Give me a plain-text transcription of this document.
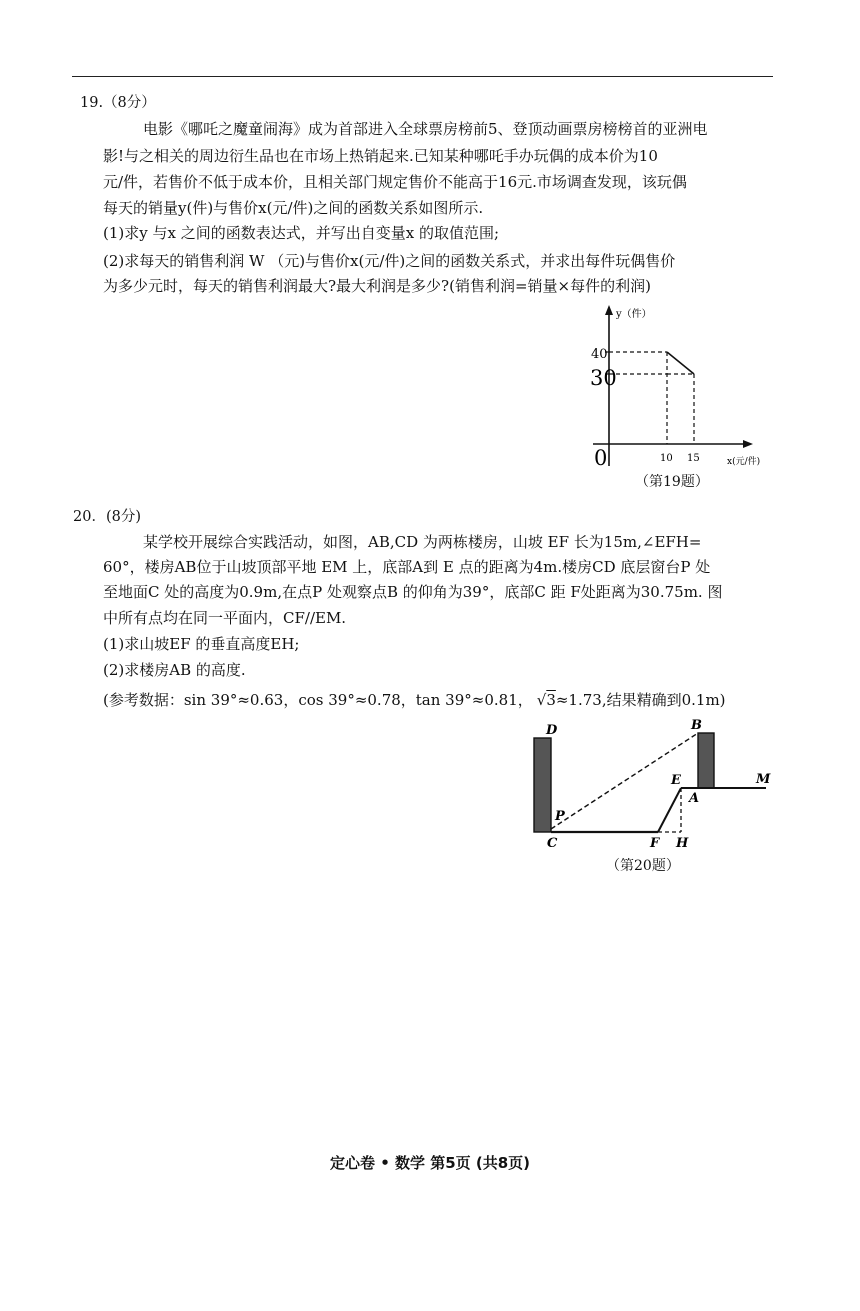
19.（8分）
电影《哪吒之魔童闹海》成为首部进入全球票房榜前5、登顶动画票房榜榜首的亚洲电
影!与之相关的周边衍生品也在市场上热销起来.已知某种哪吒手办玩偶的成本价为10
元/件，若售价不低于成本价，且相关部门规定售价不能高于16元.市场调查发现，该玩偶
每天的销量y(件)与售价x(元/件)之间的函数关系如图所示.
(1)求y 与x 之间的函数表达式，并写出自变量x 的取值范围;
(2)求每天的销售利润 W （元)与售价x(元/件)之间的函数关系式，并求出每件玩偶售价
为多少元时，每天的销售利润最大?最大利润是多少?(销售利润=销量×每件的利润)
y（件）
x(元/件)
40
30
0	10 15
（第19题）
20．(8分)
某学校开展综合实践活动，如图，AB,CD 为两栋楼房，山坡 EF 长为15m,∠EFH=
60°，楼房AB位于山坡顶部平地 EM 上，底部A到 E 点的距离为4m.楼房CD 底层窗台P 处
至地面C 处的高度为0.9m,在点P 处观察点B 的仰角为39°，底部C 距 F处距离为30.75m. 图
中所有点均在同一平面内，CF//EM.
(1)求山坡EF 的垂直高度EH;
(2)求楼房AB 的高度.
(参考数据：sin 39°≈0.63，cos 39°≈0.78，tan 39°≈0.81， √3≈1.73,结果精确到0.1m)
D
P
C
B
E
A
M
F H
（第20题）
定心卷 • 数学 第5页 (共8页)
